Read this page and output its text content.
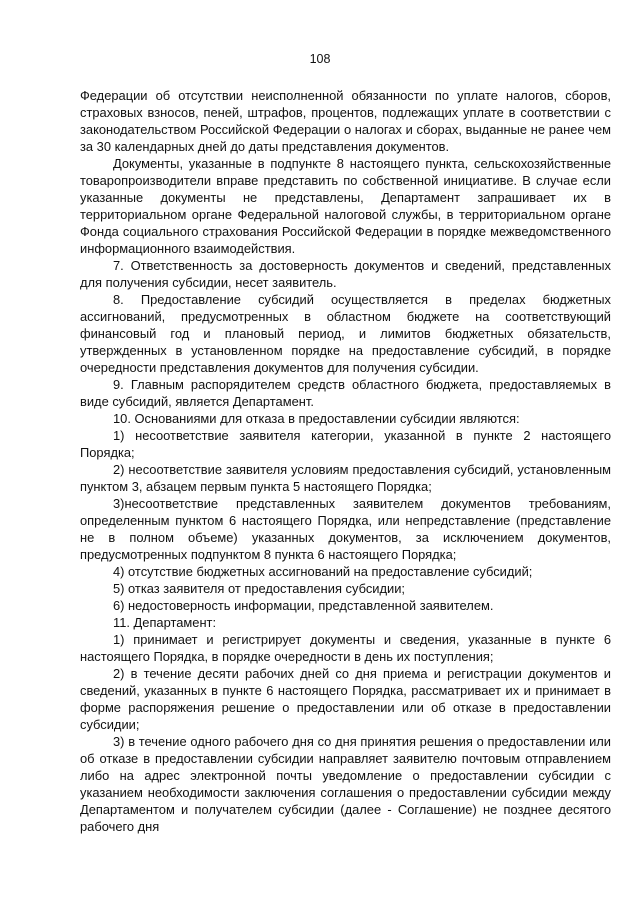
108

Федерации об отсутствии неисполненной обязанности по уплате налогов, сборов, страховых взносов, пеней, штрафов, процентов, подлежащих уплате в соответствии с законодательством Российской Федерации о налогах и сборах, выданные не ранее чем за 30 календарных дней до даты представления документов.

Документы, указанные в подпункте 8 настоящего пункта, сельскохозяйственные товаропроизводители вправе представить по собственной инициативе. В случае если указанные документы не представлены, Департамент запрашивает их в территориальном органе Федеральной налоговой службы, в территориальном органе Фонда социального страхования Российской Федерации в порядке межведомственного информационного взаимодействия.

7. Ответственность за достоверность документов и сведений, представленных для получения субсидии, несет заявитель.

8. Предоставление субсидий осуществляется в пределах бюджетных ассигнований, предусмотренных в областном бюджете на соответствующий финансовый год и плановый период, и лимитов бюджетных обязательств, утвержденных в установленном порядке на предоставление субсидий, в порядке очередности представления документов для получения субсидии.

9. Главным распорядителем средств областного бюджета, предоставляемых в виде субсидий, является Департамент.

10. Основаниями для отказа в предоставлении субсидии являются:

1) несоответствие заявителя категории, указанной в пункте 2 настоящего Порядка;

2) несоответствие заявителя условиям предоставления субсидий, установленным пунктом 3, абзацем первым пункта 5 настоящего Порядка;

3)несоответствие представленных заявителем документов требованиям, определенным пунктом 6 настоящего Порядка, или непредставление (представление не в полном объеме) указанных документов, за исключением документов, предусмотренных подпунктом 8 пункта 6 настоящего Порядка;

4) отсутствие бюджетных ассигнований на предоставление субсидий;

5) отказ заявителя от предоставления субсидии;

6) недостоверность информации, представленной заявителем.

11. Департамент:

1) принимает и регистрирует документы и сведения, указанные в пункте 6 настоящего Порядка, в порядке очередности в день их поступления;

2) в течение десяти рабочих дней со дня приема и регистрации документов и сведений, указанных в пункте 6 настоящего Порядка, рассматривает их и принимает в форме распоряжения решение о предоставлении или об отказе в предоставлении субсидии;

3) в течение одного рабочего дня со дня принятия решения о предоставлении или об отказе в предоставлении субсидии направляет заявителю почтовым отправлением либо на адрес электронной почты уведомление о предоставлении субсидии с указанием необходимости заключения соглашения о предоставлении субсидии между Департаментом и получателем субсидии (далее - Соглашение) не позднее десятого рабочего дня
